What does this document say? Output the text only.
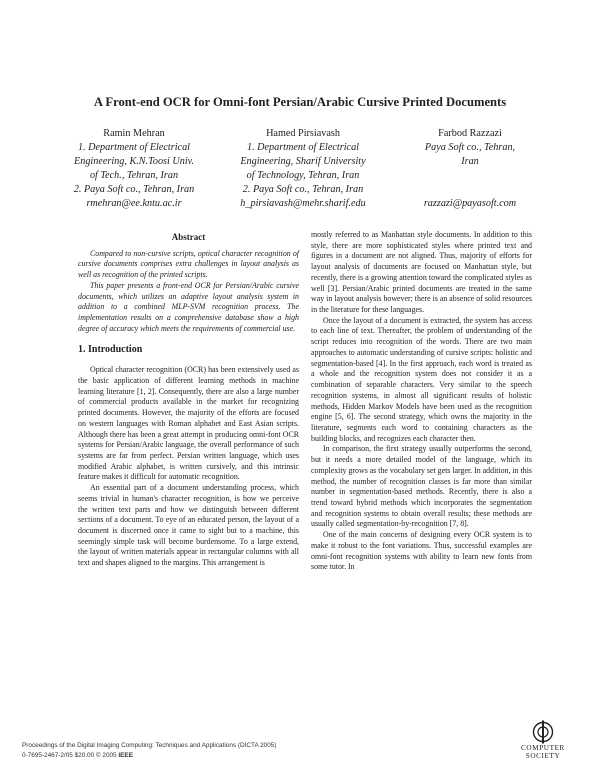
A Front-end OCR for Omni-font Persian/Arabic Cursive Printed Documents
Ramin Mehran
1. Department of Electrical
Engineering, K.N.Toosi Univ.
of Tech., Tehran, Iran
2. Paya Soft co., Tehran, Iran
rmehran@ee.kntu.ac.ir
Hamed Pirsiavash
1. Department of Electrical
Engineering, Sharif University
of Technology, Tehran, Iran
2. Paya Soft co., Tehran, Iran
h_pirsiavash@mehr.sharif.edu
Farbod Razzazi
Paya Soft co., Tehran,
Iran

razzazi@payasoft.com
Abstract

Compared to non-cursive scripts, optical character recognition of cursive documents comprises extra challenges in layout analysis as well as recognition of the printed scripts.

This paper presents a front-end OCR for Persian/Arabic cursive documents, which utilizes an adaptive layout analysis system in addition to a combined MLP-SVM recognition process. The implementation results on a comprehensive database show a high degree of accuracy which meets the requirements of commercial use.

1. Introduction

Optical character recognition (OCR) has been extensively used as the basic application of different learning methods in machine learning literature [1, 2]. Consequently, there are also a large number of commercial products available in the market for recognizing printed documents. However, the majority of the efforts are focused on western languages with Roman alphabet and East Asian scripts. Although there has been a great attempt in producing omni-font OCR systems for Persian/Arabic language, the overall performance of such systems are far from perfect. Persian written language, which uses modified Arabic alphabet, is written cursively, and this intrinsic feature makes it difficult for automatic recognition.

An essential part of a document understanding process, which seems trivial in human's character recognition, is how we perceive the written text parts and how we distinguish between different sections of a document. To eye of an educated person, the layout of a document is discerned once it came to sight but to a machine, this seemingly simple task will become burdensome. To a large extend, the layout of written materials appear in rectangular columns with all text and shapes aligned to the margins. This arrangement is

mostly referred to as Manhattan style documents. In addition to this style, there are more sophisticated styles where printed text and figures in a document are not aligned. Thus, majority of efforts for layout analysis of documents are focused on Manhattan style, but recently, there is a growing attention toward the complicated styles as well [3]. Persian/Arabic printed documents are treated in the same way in layout analysis however; there is an absence of solid resources in the literature for these languages.

Once the layout of a document is extracted, the system has access to each line of text. Thereafter, the problem of understanding of the script reduces into recognition of the words. There are two main approaches to automatic understanding of cursive scripts: holistic and segmentation-based [4]. In the first approach, each word is treated as a whole and the recognition system does not consider it as a combination of separable characters. Very similar to the speech recognition systems, in almost all significant results of holistic methods, Hidden Markov Models have been used as the recognition engine [5, 6]. The second strategy, which owns the majority in the literature, segments each word to containing characters as the building blocks, and recognizes each character then.

In comparison, the first strategy usually outperforms the second, but it needs a more detailed model of the language, which its complexity grows as the vocabulary set gets larger. In addition, in this method, the number of recognition classes is far more than similar number in segmentation-based methods. Recently, there is also a trend toward hybrid methods which incorporates the segmentation and recognition systems to obtain overall results; these methods are usually called segmentation-by-recognition [7, 8].

One of the main concerns of designing every OCR system is to make it robust to the font variations. Thus, successful examples are omni-font recognition systems with ability to learn new fonts from some tutor. In

Proceedings of the Digital Imaging Computing: Techniques and Applications (DICTA 2005)
0-7695-2467-2/05 $20.00 © 2005 IEEE
COMPUTER
SOCIETY
